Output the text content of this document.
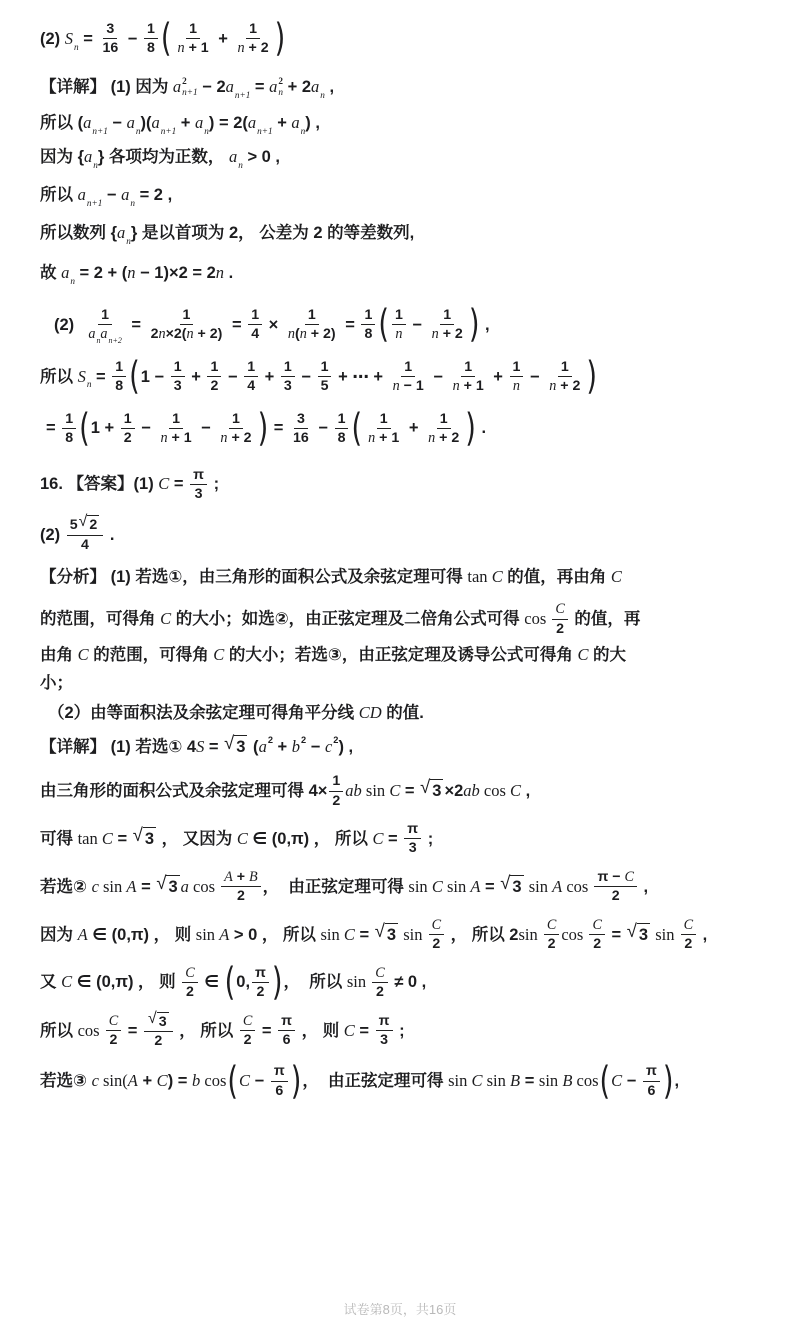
(2) S $n = \frac{3}{16} - \frac{1}{8}$ ( $\frac{1}{n + 1} + \frac{1}{n + 2}$ )
【详解】 (1) 因为 a 2
n+1 − 2 a n+1 = a 2
n + 2 a n ,
所以 ( a n+1 − a n )( a n+1 + a n ) = 2( a n+1 + a n ) ,
因为 { a n } 各项均为正数， a n > 0 ,
所以 a n+1 − a n = 2 ,
所以数列 { a n } 是以首项为 2， 公差为 2 的等差数列,
故 a n = 2 + ( n − 1)×2 = 2 n .
$(2) \frac{1}{\text{a n a n+2}} = \frac{1}{2 n \times 2( n + 2)} = \frac{1}{4} \times \frac{1}{n ( n + 2)} = \frac{1}{8}$ ( $\frac{1}{n} - \frac{1}{n + 2}$ ) ,
所以 S $n = \frac{1}{8}$ ( $1 - \frac{1}{3} + \frac{1}{2} - \frac{1}{4} + \frac{1}{3} - \frac{1}{5}$ + ⋯ + $\frac{1}{n - 1} - \frac{1}{n + 1} + \frac{1}{n} - \frac{1}{n + 2}$ )
= $\frac{1}{8}$ ( $1 + \frac{1}{2} - \frac{1}{n + 1} - \frac{1}{n + 2}$ ) = $\frac{3}{16} - \frac{1}{8}$ ( $\frac{1}{n + 1} + \frac{1}{n + 2}$ ) .
16. 【答案】(1) $C = \frac{\pi}{3}$ ;
$(2) \frac{5 √ 2}{4}$ .
【分析】 (1) 若选①，由三角形的面积公式及余弦定理可得 tan C 的值，再由角 C
的范围，可得角 C 的大小；如选②，由正弦定理及二倍角公式可得 $\cos \frac{C}{2}$ 的值，再
由角 C 的范围，可得角 C 的大小；若选③，由正弦定理及诱导公式可得角 C 的大
小；
（2）由等面积法及余弦定理可得角平分线 CD 的值.
【详解】 (1) 若选① 4 S = √ 3 ( a 2 + b 2 − c 2 ) ,
由三角形的面积公式及余弦定理可得 $4\times \frac{1}{2}$ ab sin C = √ 3 ×2 ab cos C ,
可得 tan C = √ 3 ， 又因为 C ∈ (0,π) ， 所以 $C = \frac{\pi}{3}$ ;
若选② c sin A = √ 3 a $\cos \frac{A + B}{2}$ ，  由正弦定理可得 sin C sin A = √ 3 sin A $\cos \frac{\pi - C}{2}$ ,
因为 A ∈ (0,π) ， 则 sin A > 0 ， 所以 sin C = √ 3 $\sin \frac{C}{2}$ ， 所以 2 $\sin \frac{C}{2}$ $\cos \frac{C}{2}$ = √ 3 $\sin \frac{C}{2}$ ,
又 C ∈ (0,π) ， 则 $\frac{C}{2}$ ∈ ( 0, $\frac{\pi}{2}$ ) ，  所以 $\sin \frac{C}{2} \ne 0$ ,
所以 $\cos \frac{C}{2} = \frac{√ 3}{2}$ ， 所以 $\frac{C}{2} = \frac{\pi}{6}$ ， 则 $C = \frac{\pi}{3}$ ;
若选③ c sin( A + C ) = b cos ( $C - \frac{\pi}{6}$ ) ，  由正弦定理可得 sin C sin B = sin B cos ( $C - \frac{\pi}{6}$ ) ,
试卷第8页，共16页
